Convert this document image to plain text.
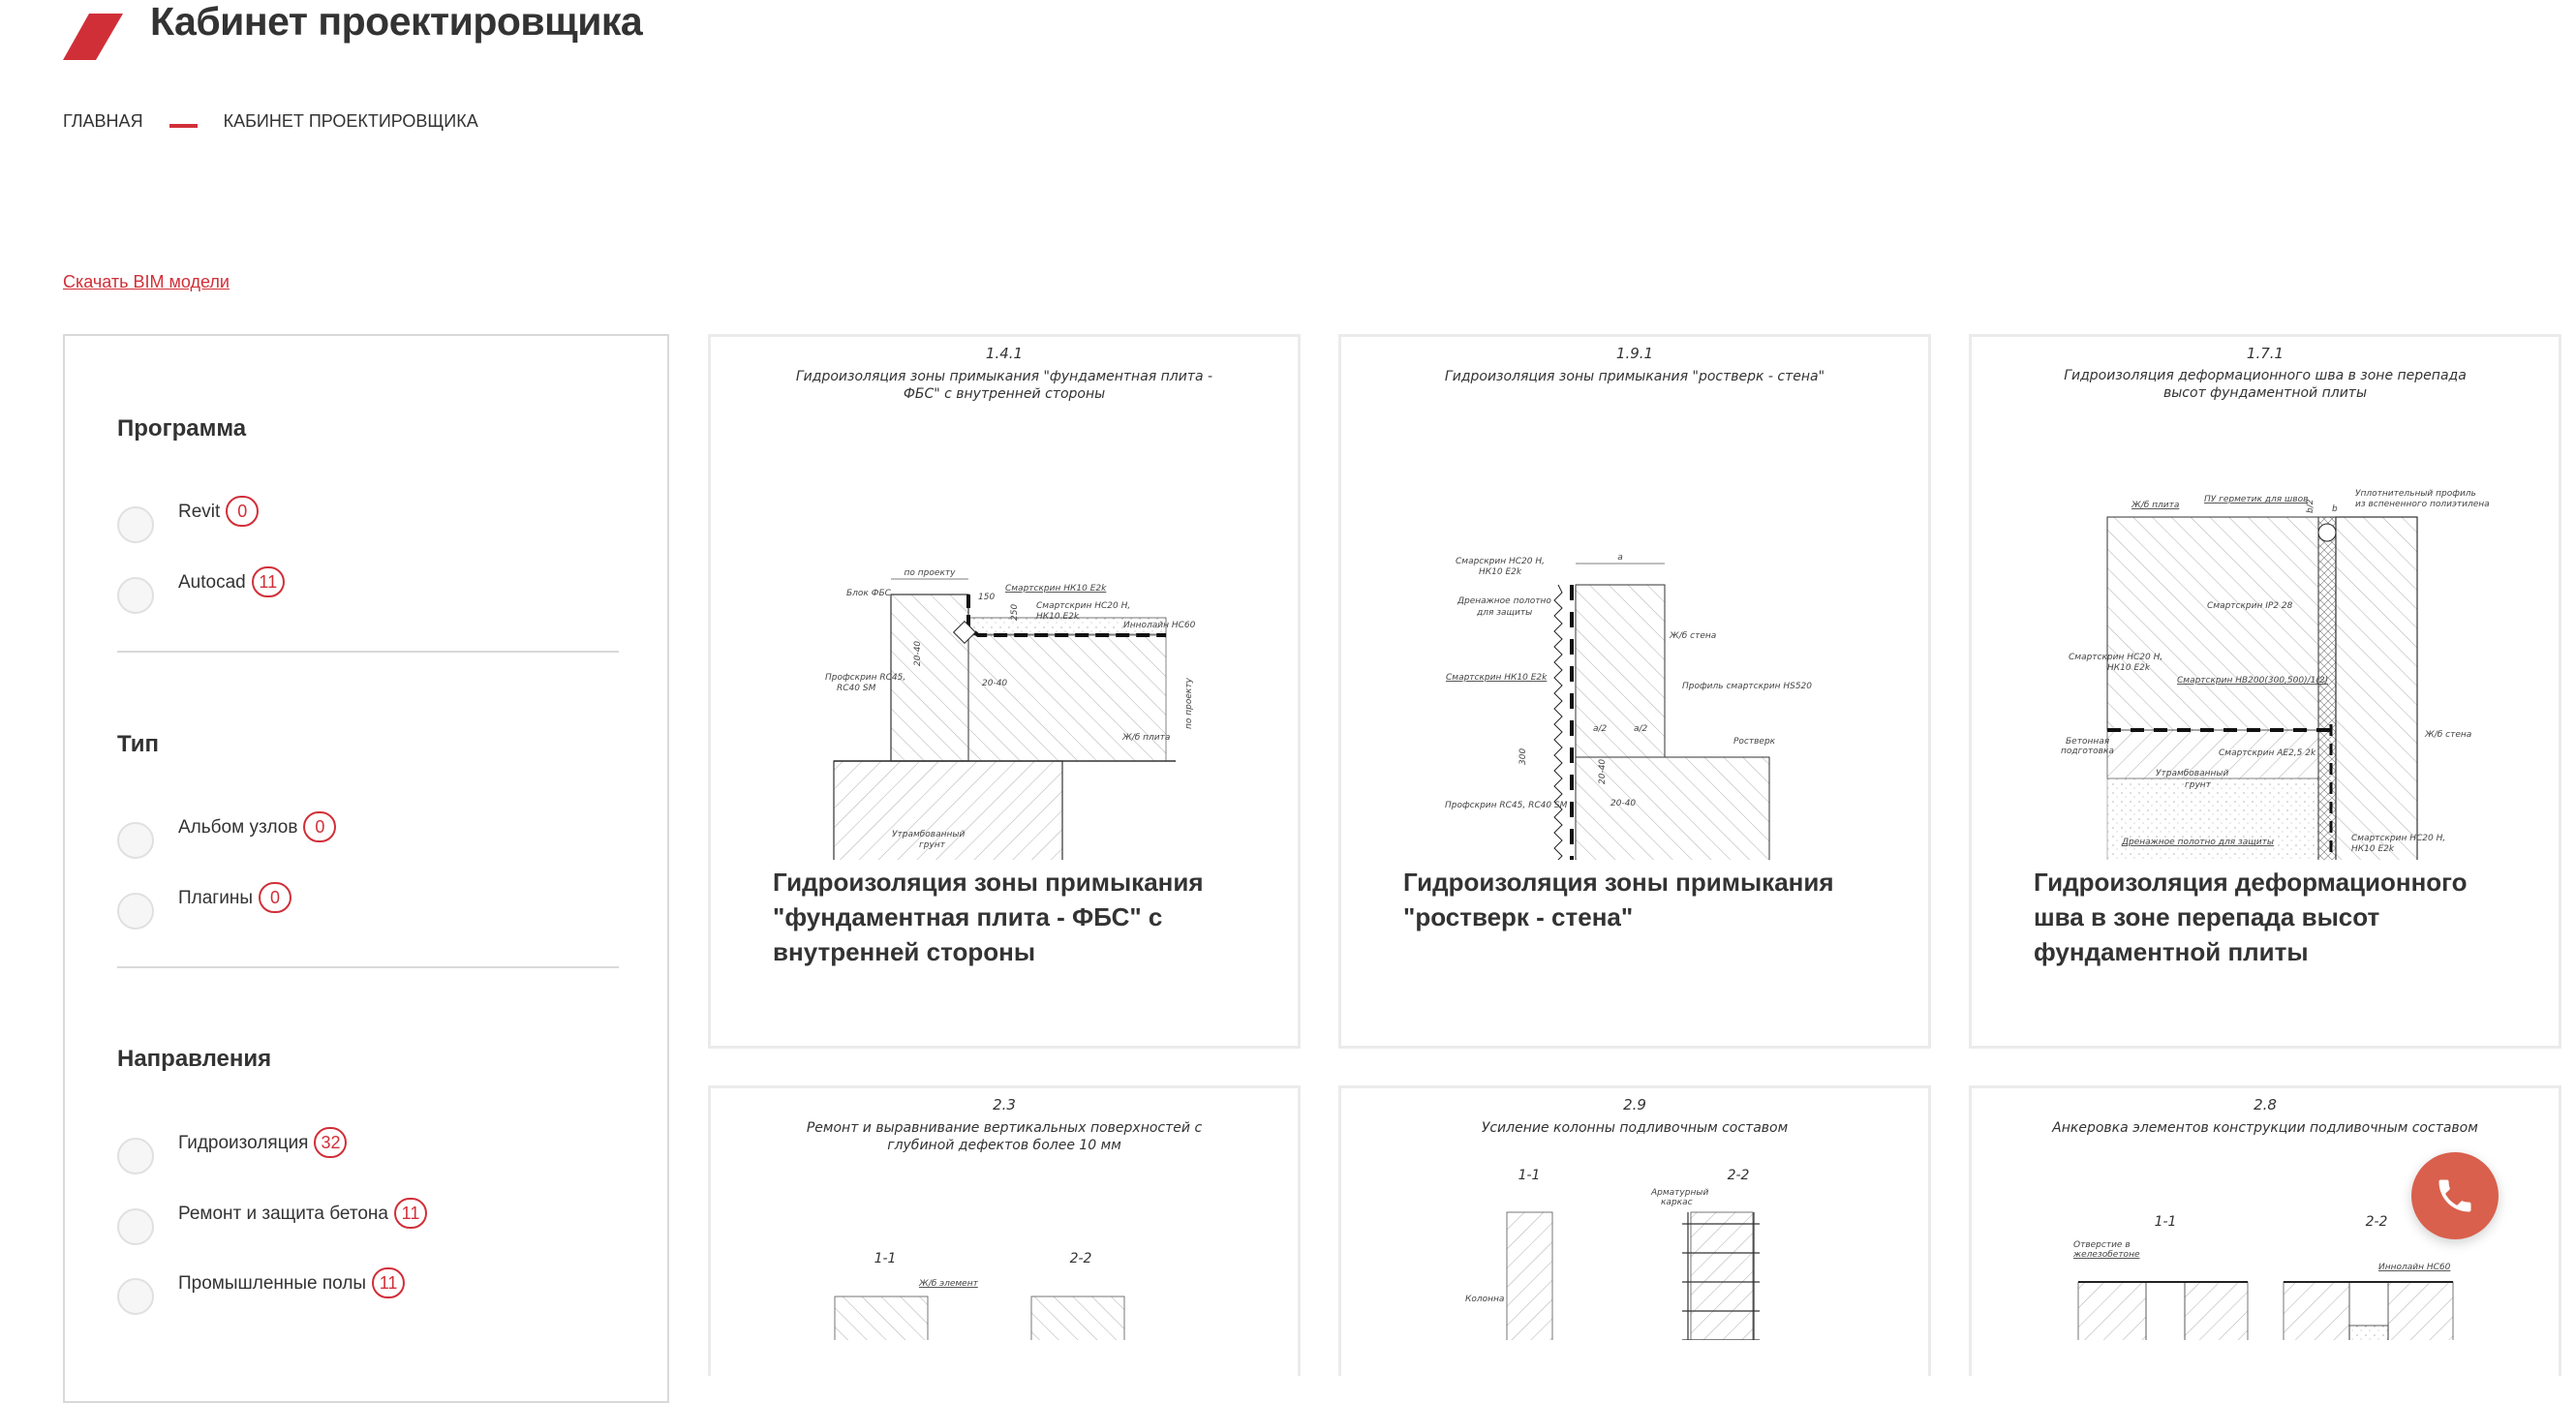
Кабинет проектировщика
ГЛАВНАЯ	КАБИНЕТ ПРОЕКТИРОВЩИКА
Скачать BIM модели
Программа
Revit 0
Autocad 11
Тип
Альбом узлов 0
Плагины 0
Направления
Гидроизоляция 32
Ремонт и защита бетона 11
Промышленные полы 11
1.4.1
Гидроизоляция зоны примыкания "фундаментная плита -
ФБС" с внутренней стороны
по проекту
Блок ФБС	150
Смартскрин НК10 Е2k
Смартскрин НС20 Н,
НК10 Е2k
Иннолайн НС60
20-40
250
Профскрин RC45,
RC40 SM	20-40	по проекту
Ж/б плита
Утрамбованный
грунт

Гидроизоляция зоны примыкания "фундаментная плита - ФБС" с внутренней стороны

1.9.1
Гидроизоляция зоны примыкания "ростверк - стена"
a
Смарскрин НС20 Н,
НК10 Е2k
Дренажное полотно
для защиты
Ж/б стена
Смартскрин НК10 Е2k
Профиль смартскрин HS520
a/2	a/2
Ростверк
300
20-40
Профскрин RC45, RC40 SM	20-40

Гидроизоляция зоны примыкания "ростверк - стена"

1.7.1
Гидроизоляция деформационного шва в зоне перепада
высот фундаментной плиты
Ж/б плита
ПУ герметик для швов
b
b/2
Уплотнительный профиль
из вспененного полиэтилена
Смартскрин IP2 28
Смартскрин НС20 Н,
НК10 Е2k
Смартскрин НВ200(300,500)/1(2)
Ж/б стена
Бетонная
подготовка	Смартскрин АЕ2,5 2k
Утрамбованный
грунт
Дренажное полотно для защиты	Смартскрин НС20 Н,
НК10 Е2k

Гидроизоляция деформационного шва в зоне перепада высот фундаментной плиты

2.3
Ремонт и выравнивание вертикальных поверхностей с
глубиной дефектов более 10 мм
1-1	2-2
Ж/б элемент
2.9
Усиление колонны подливочным составом
1-1	2-2
Арматурный
каркас
Колонна
2.8
Анкеровка элементов конструкции подливочным составом
1-1	2-2
Отверстие в
железобетоне
Иннолайн НС60
